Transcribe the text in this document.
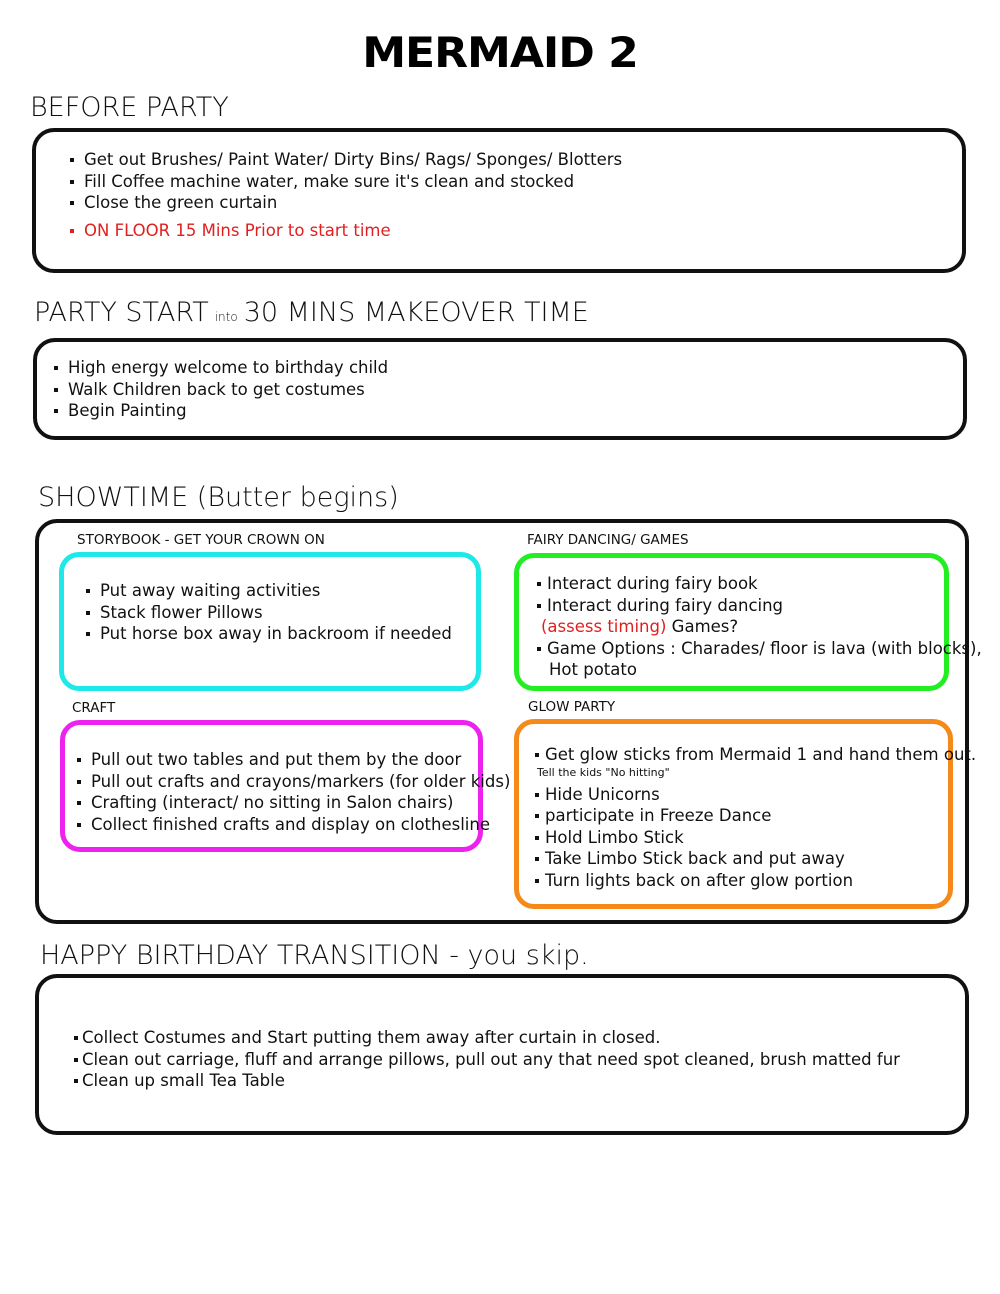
MERMAID 2
BEFORE PARTY
Get out Brushes/ Paint Water/ Dirty Bins/ Rags/ Sponges/ Blotters
Fill Coffee machine water, make sure it's clean and stocked
Close the green curtain
ON FLOOR 15 Mins Prior to start time
PARTY START into 30 MINS MAKEOVER TIME
High energy welcome to birthday child
Walk Children back to get costumes
Begin Painting
SHOWTIME (Butter begins)
STORYBOOK - GET YOUR CROWN ON
Put away waiting activities
Stack flower Pillows
Put horse box away in backroom if needed
FAIRY DANCING/ GAMES
Interact during fairy book
Interact during fairy dancing
(assess timing) Games?
Game Options : Charades/ floor is lava (with blocks),
Hot potato
CRAFT
Pull out two tables and put them by the door
Pull out crafts and crayons/markers (for older kids)
Crafting (interact/ no sitting in Salon chairs)
Collect finished crafts and display on clothesline
GLOW PARTY
Get glow sticks from Mermaid 1 and hand them out.
Tell the kids "No hitting"
Hide Unicorns
participate in Freeze Dance
Hold Limbo Stick
Take Limbo Stick back and put away
Turn lights back on after glow portion
HAPPY BIRTHDAY TRANSITION - you skip.
Collect Costumes and Start putting them away after curtain in closed.
Clean out carriage, fluff and arrange pillows, pull out any that need spot cleaned, brush matted fur
Clean up small Tea Table
